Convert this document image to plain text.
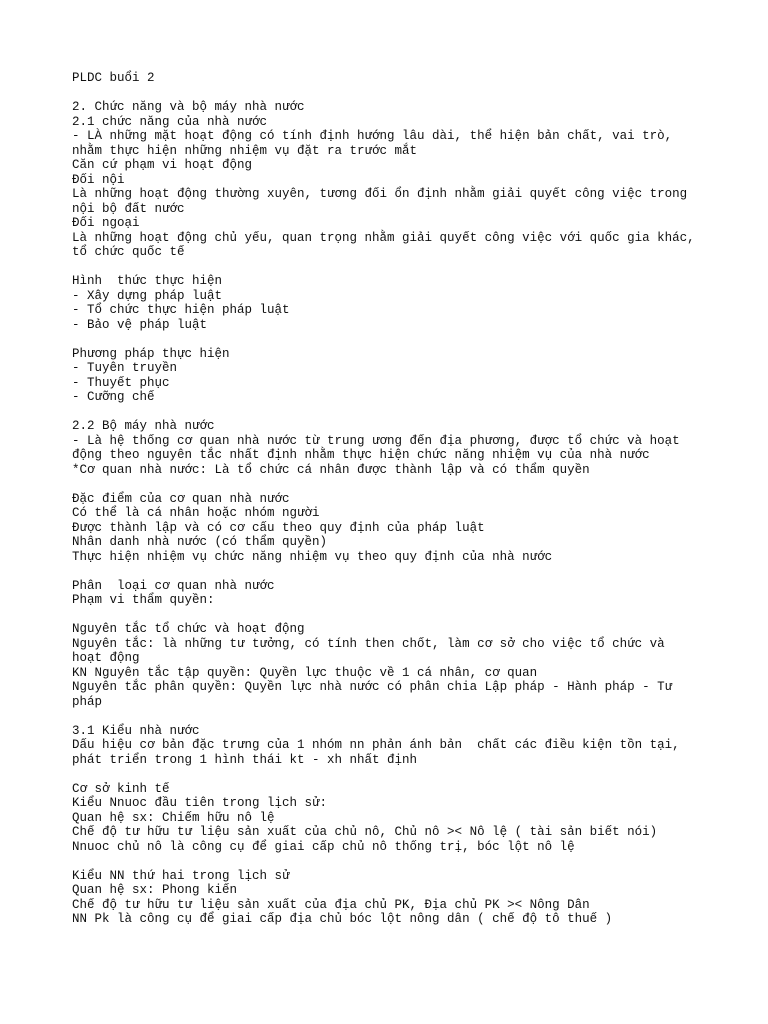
PLDC buổi 2
2. Chức năng và bộ máy nhà nước
2.1 chức năng của nhà nước
- LÀ những mặt hoạt động có tính định hướng lâu dài, thể hiện bản chất, vai trò,
nhằm thực hiện những nhiệm vụ đặt ra trước mắt
Căn cứ phạm vi hoạt động
Đối nội
Là những hoạt động thường xuyên, tương đối ổn định nhằm giải quyết công việc trong
nội bộ đất nước
Đối ngoại
Là những hoạt động chủ yếu, quan trọng nhằm giải quyết công việc với quốc gia khác,
tổ chức quốc tế
Hình  thức thực hiện
- Xây dựng pháp luật
- Tổ chức thực hiện pháp luật
- Bảo vệ pháp luật
Phương pháp thực hiện
- Tuyên truyền
- Thuyết phục
- Cưỡng chế
2.2 Bộ máy nhà nước
- Là hệ thống cơ quan nhà nước từ trung ương đến địa phương, được tổ chức và hoạt
động theo nguyên tắc nhất định nhằm thực hiện chức năng nhiệm vụ của nhà nước
*Cơ quan nhà nước: Là tổ chức cá nhân được thành lập và có thẩm quyền
Đặc điểm của cơ quan nhà nước
Có thể là cá nhân hoặc nhóm người
Được thành lập và có cơ cấu theo quy định của pháp luật
Nhân danh nhà nước (có thẩm quyền)
Thực hiện nhiệm vụ chức năng nhiệm vụ theo quy định của nhà nước
Phân  loại cơ quan nhà nước
Phạm vi thẩm quyền:
Nguyên tắc tổ chức và hoạt động
Nguyên tắc: là những tư tưởng, có tính then chốt, làm cơ sở cho việc tổ chức và
hoạt động
KN Nguyên tắc tập quyền: Quyền lực thuộc về 1 cá nhân, cơ quan
Nguyên tắc phân quyền: Quyền lực nhà nước có phân chia Lập pháp - Hành pháp - Tư
pháp
3.1 Kiểu nhà nước
Dấu hiệu cơ bản đặc trưng của 1 nhóm nn phản ánh bản  chất các điều kiện tồn tại,
phát triển trong 1 hình thái kt - xh nhất định
Cơ sở kinh tế
Kiểu Nnuoc đầu tiên trong lịch sử:
Quan hệ sx: Chiếm hữu nô lệ
Chế độ tư hữu tư liệu sản xuất của chủ nô, Chủ nô >< Nô lệ ( tài sản biết nói)
Nnuoc chủ nô là công cụ để giai cấp chủ nô thống trị, bóc lột nô lệ
Kiểu NN thứ hai trong lịch sử
Quan hệ sx: Phong kiến
Chế độ tư hữu tư liệu sản xuất của địa chủ PK, Địa chủ PK >< Nông Dân
NN Pk là công cụ để giai cấp địa chủ bóc lột nông dân ( chế độ tô thuế )
